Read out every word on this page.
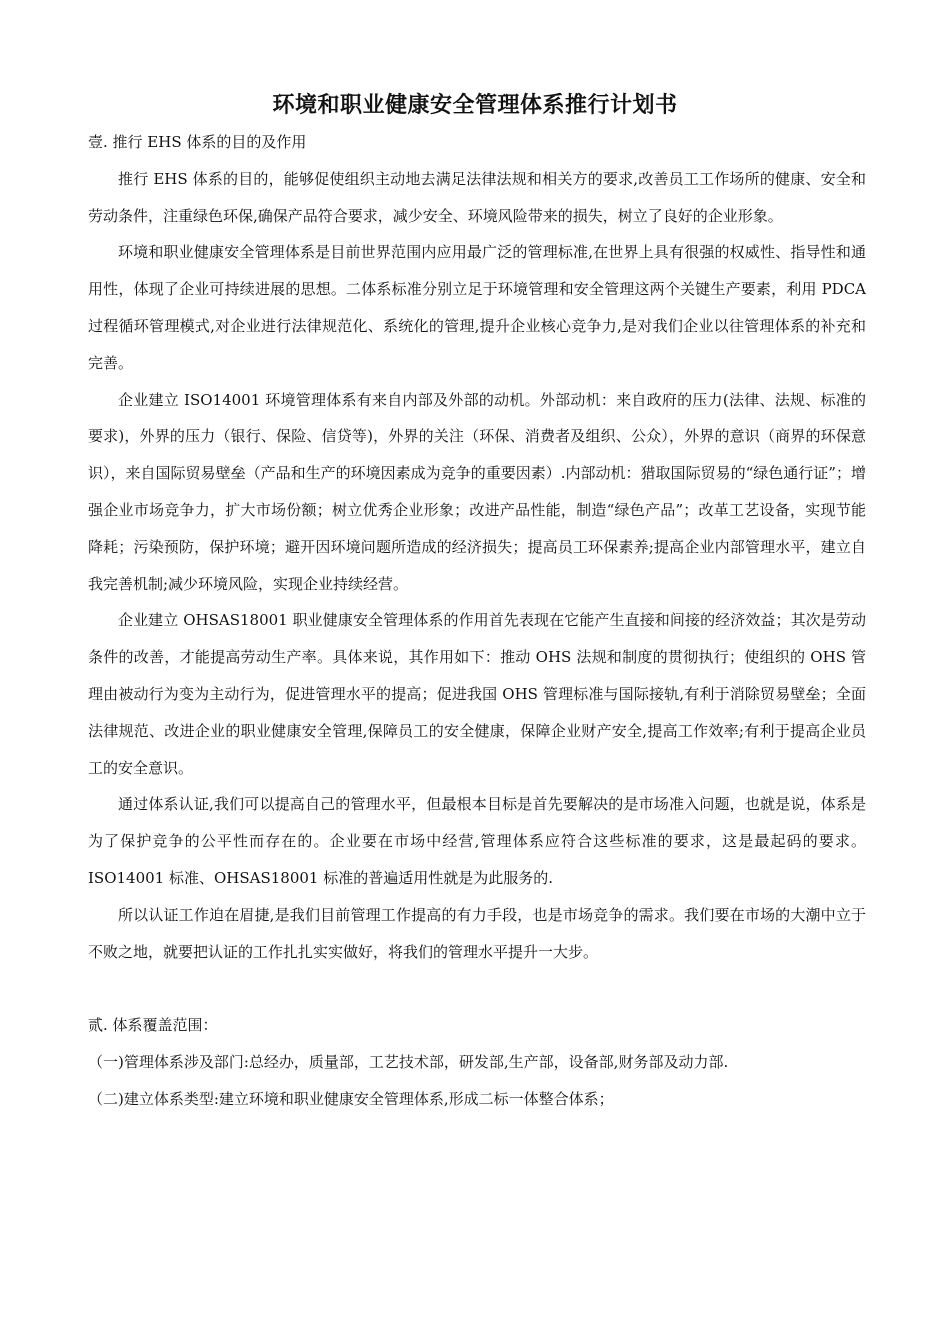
环境和职业健康安全管理体系推行计划书

壹. 推行 EHS 体系的目的及作用

推行 EHS 体系的目的，能够促使组织主动地去满足法律法规和相关方的要求,改善员工工作场所的健康、安全和劳动条件，注重绿色环保,确保产品符合要求，减少安全、环境风险带来的损失，树立了良好的企业形象。

环境和职业健康安全管理体系是目前世界范围内应用最广泛的管理标准,在世界上具有很强的权威性、指导性和通用性，体现了企业可持续进展的思想。二体系标准分别立足于环境管理和安全管理这两个关键生产要素，利用 PDCA 过程循环管理模式,对企业进行法律规范化、系统化的管理,提升企业核心竞争力,是对我们企业以往管理体系的补充和完善。

企业建立 ISO14001 环境管理体系有来自内部及外部的动机。外部动机：来自政府的压力(法律、法规、标准的要求)，外界的压力（银行、保险、信贷等)，外界的关注（环保、消费者及组织、公众），外界的意识（商界的环保意识），来自国际贸易壁垒（产品和生产的环境因素成为竞争的重要因素）.内部动机：猎取国际贸易的“绿色通行证”；增强企业市场竞争力，扩大市场份额；树立优秀企业形象；改进产品性能，制造“绿色产品”；改革工艺设备，实现节能降耗；污染预防，保护环境；避开因环境问题所造成的经济损失；提高员工环保素养;提高企业内部管理水平，建立自我完善机制;减少环境风险，实现企业持续经营。

企业建立 OHSAS18001 职业健康安全管理体系的作用首先表现在它能产生直接和间接的经济效益；其次是劳动条件的改善，才能提高劳动生产率。具体来说，其作用如下：推动 OHS 法规和制度的贯彻执行；使组织的 OHS 管理由被动行为变为主动行为，促进管理水平的提高；促进我国 OHS 管理标准与国际接轨,有利于消除贸易壁垒；全面法律规范、改进企业的职业健康安全管理,保障员工的安全健康，保障企业财产安全,提高工作效率;有利于提高企业员工的安全意识。

通过体系认证,我们可以提高自己的管理水平，但最根本目标是首先要解决的是市场准入问题，也就是说，体系是为了保护竞争的公平性而存在的。企业要在市场中经营,管理体系应符合这些标准的要求，这是最起码的要求。ISO14001 标准、OHSAS18001 标准的普遍适用性就是为此服务的.

所以认证工作迫在眉捷,是我们目前管理工作提高的有力手段，也是市场竞争的需求。我们要在市场的大潮中立于不败之地，就要把认证的工作扎扎实实做好，将我们的管理水平提升一大步。

贰. 体系覆盖范围：

（一)管理体系涉及部门:总经办，质量部，工艺技术部，研发部,生产部，设备部,财务部及动力部.

（二)建立体系类型:建立环境和职业健康安全管理体系,形成二标一体整合体系；
